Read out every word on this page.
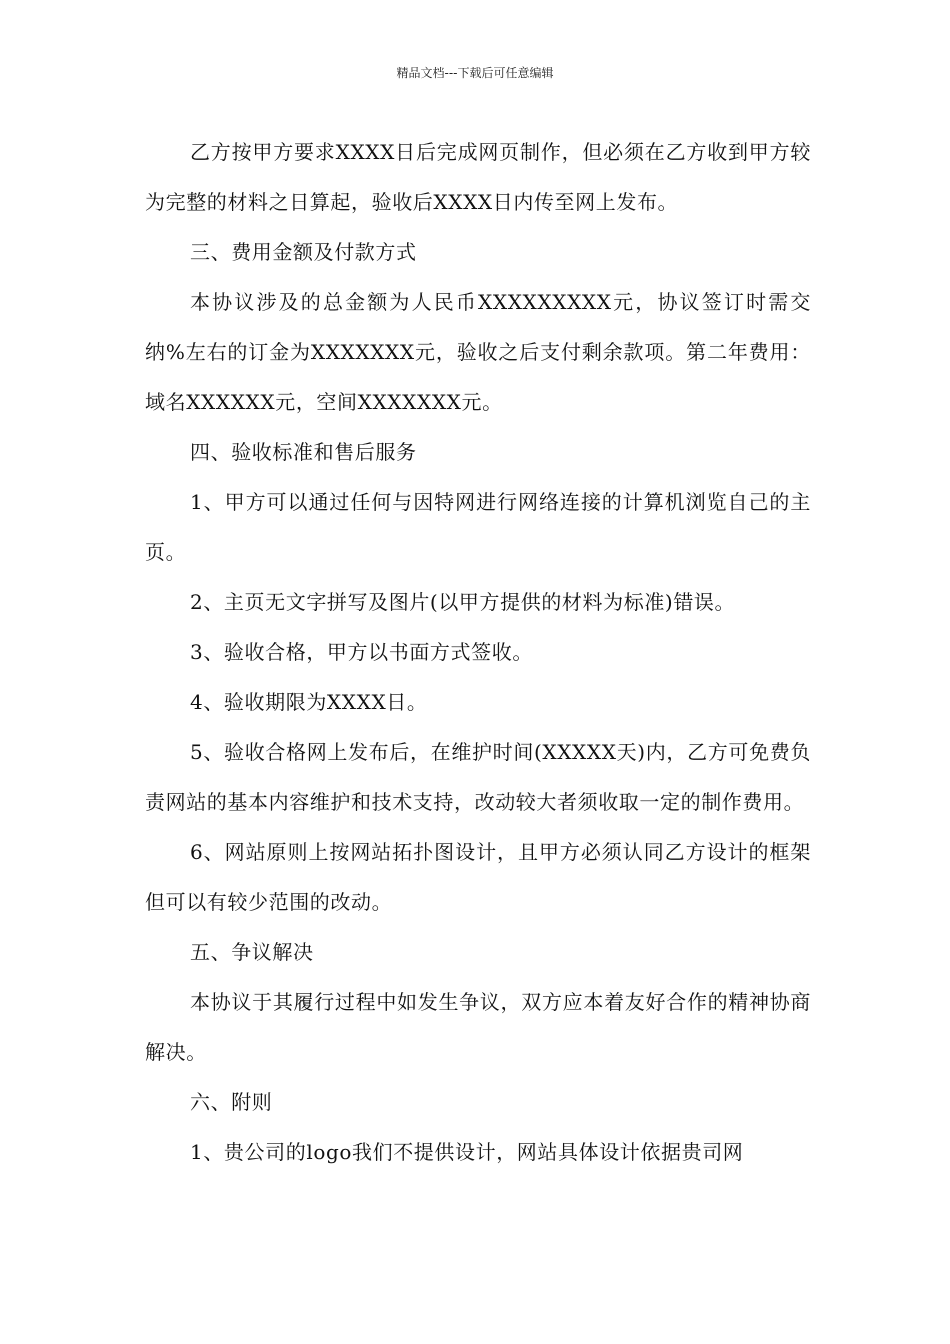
精品文档---下载后可任意编辑

乙方按甲方要求XXXX日后完成网页制作，但必须在乙方收到甲方较为完整的材料之日算起，验收后XXXX日内传至网上发布。

三、费用金额及付款方式

本协议涉及的总金额为人民币XXXXXXXXX元，协议签订时需交纳%左右的订金为XXXXXXX元，验收之后支付剩余款项。第二年费用：域名XXXXXX元，空间XXXXXXX元。

四、验收标准和售后服务

1、甲方可以通过任何与因特网进行网络连接的计算机浏览自己的主页。

2、主页无文字拼写及图片(以甲方提供的材料为标准)错误。

3、验收合格，甲方以书面方式签收。

4、验收期限为XXXX日。

5、验收合格网上发布后，在维护时间(XXXXX天)内，乙方可免费负责网站的基本内容维护和技术支持，改动较大者须收取一定的制作费用。

6、网站原则上按网站拓扑图设计，且甲方必须认同乙方设计的框架但可以有较少范围的改动。

五、争议解决

本协议于其履行过程中如发生争议，双方应本着友好合作的精神协商解决。

六、附则

1、贵公司的logo我们不提供设计，网站具体设计依据贵司网
